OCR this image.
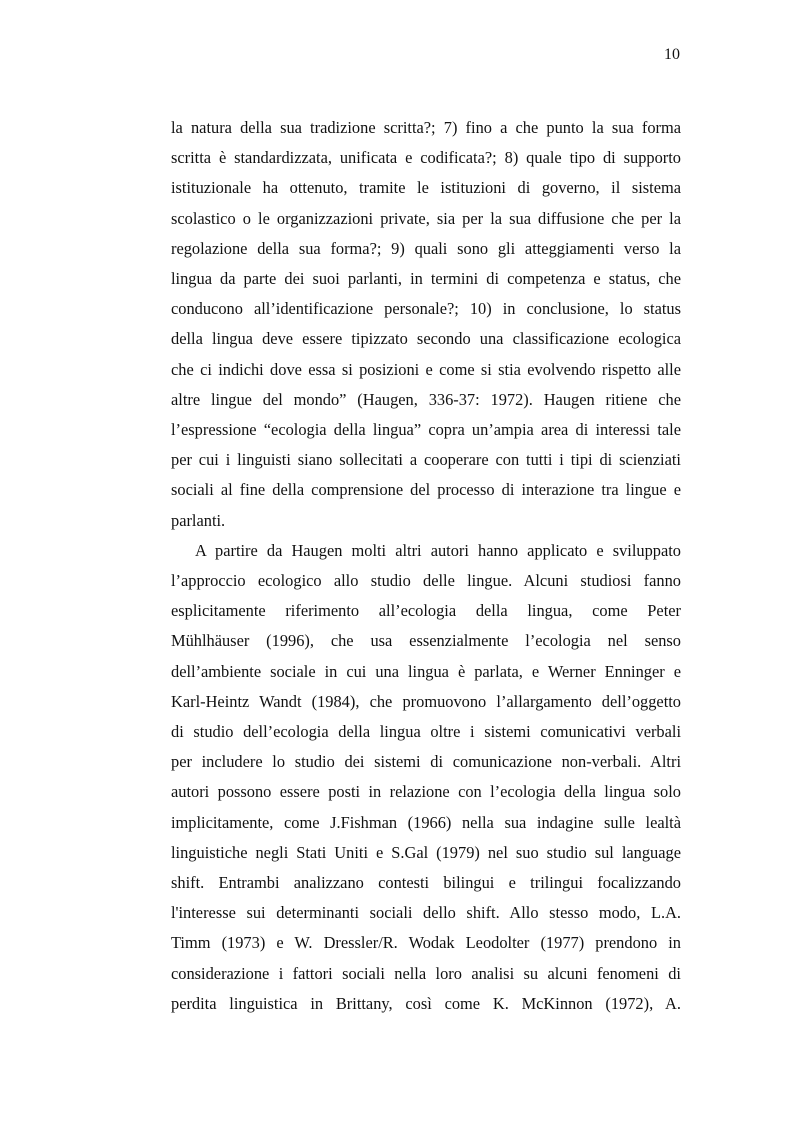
10
la natura della sua tradizione scritta?; 7) fino a che punto la sua forma
scritta è standardizzata, unificata e codificata?; 8) quale tipo di supporto
istituzionale ha ottenuto, tramite le istituzioni di governo, il sistema
scolastico o le organizzazioni private, sia per la sua diffusione che per la
regolazione della sua forma?; 9) quali sono gli atteggiamenti verso la
lingua da parte dei suoi parlanti, in termini di competenza e status, che
conducono all’identificazione personale?; 10) in conclusione, lo status
della lingua deve essere tipizzato secondo una classificazione ecologica
che ci indichi dove essa si posizioni e come si stia evolvendo rispetto alle
altre lingue del mondo” (Haugen, 336-37: 1972). Haugen ritiene che
l’espressione “ecologia della lingua” copra un’ampia area di interessi tale
per cui i linguisti siano sollecitati a cooperare con tutti i tipi di scienziati
sociali al fine della comprensione del processo di interazione tra lingue e
parlanti.
A partire da Haugen molti altri autori hanno applicato e sviluppato
l’approccio ecologico allo studio delle lingue. Alcuni studiosi fanno
esplicitamente riferimento all’ecologia della lingua, come Peter
Mühlhäuser (1996), che usa essenzialmente l’ecologia nel senso
dell’ambiente sociale in cui una lingua è parlata, e Werner Enninger e
Karl-Heintz Wandt (1984), che promuovono l’allargamento dell’oggetto
di studio dell’ecologia della lingua oltre i sistemi comunicativi verbali
per includere lo studio dei sistemi di comunicazione non-verbali. Altri
autori possono essere posti in relazione con l’ecologia della lingua solo
implicitamente, come J.Fishman (1966) nella sua indagine sulle lealtà
linguistiche negli Stati Uniti e S.Gal (1979) nel suo studio sul language
shift. Entrambi analizzano contesti bilingui e trilingui focalizzando
l'interesse sui determinanti sociali dello shift. Allo stesso modo, L.A.
Timm (1973) e W. Dressler/R. Wodak Leodolter (1977) prendono in
considerazione i fattori sociali nella loro analisi su alcuni fenomeni di
perdita linguistica in Brittany, così come K. McKinnon (1972), A.
